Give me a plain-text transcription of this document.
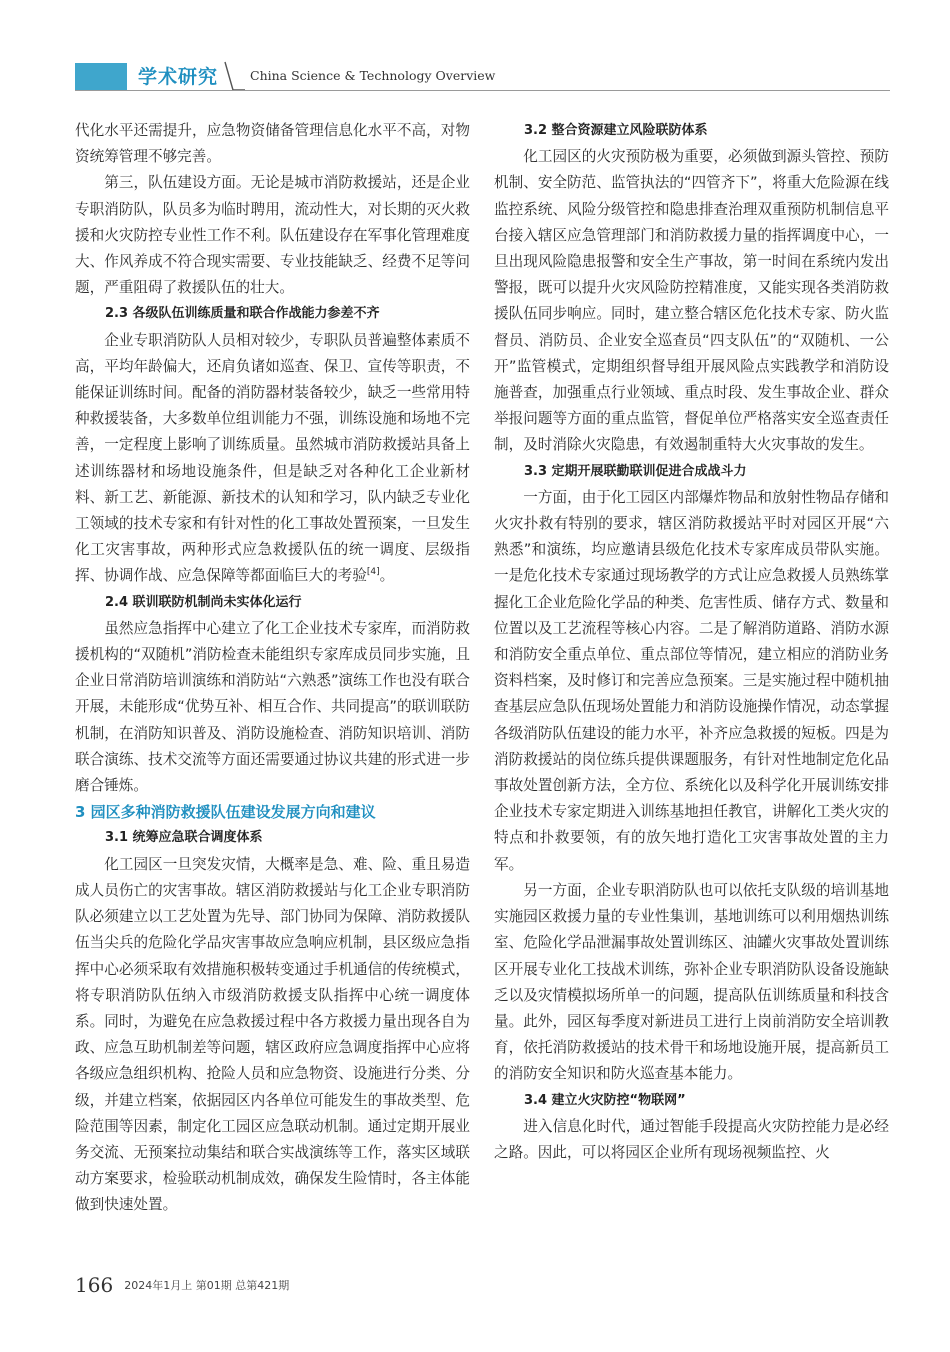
学术研究	China Science & Technology Overview

代化水平还需提升，应急物资储备管理信息化水平不高，对物资统筹管理不够完善。

第三，队伍建设方面。无论是城市消防救援站，还是企业专职消防队，队员多为临时聘用，流动性大，对长期的灭火救援和火灾防控专业性工作不利。队伍建设存在军事化管理难度大、作风养成不符合现实需要、专业技能缺乏、经费不足等问题，严重阻碍了救援队伍的壮大。

2.3 各级队伍训练质量和联合作战能力参差不齐

企业专职消防队人员相对较少，专职队员普遍整体素质不高，平均年龄偏大，还肩负诸如巡查、保卫、宣传等职责，不能保证训练时间。配备的消防器材装备较少，缺乏一些常用特种救援装备，大多数单位组训能力不强，训练设施和场地不完善，一定程度上影响了训练质量。虽然城市消防救援站具备上述训练器材和场地设施条件，但是缺乏对各种化工企业新材料、新工艺、新能源、新技术的认知和学习，队内缺乏专业化工领域的技术专家和有针对性的化工事故处置预案，一旦发生化工灾害事故，两种形式应急救援队伍的统一调度、层级指挥、协调作战、应急保障等都面临巨大的考验[4]。

2.4 联训联防机制尚未实体化运行

虽然应急指挥中心建立了化工企业技术专家库，而消防救援机构的“双随机”消防检查未能组织专家库成员同步实施，且企业日常消防培训演练和消防站“六熟悉”演练工作也没有联合开展，未能形成“优势互补、相互合作、共同提高”的联训联防机制，在消防知识普及、消防设施检查、消防知识培训、消防联合演练、技术交流等方面还需要通过协议共建的形式进一步磨合锤炼。

3 园区多种消防救援队伍建设发展方向和建议

3.1 统筹应急联合调度体系

化工园区一旦突发灾情，大概率是急、难、险、重且易造成人员伤亡的灾害事故。辖区消防救援站与化工企业专职消防队必须建立以工艺处置为先导、部门协同为保障、消防救援队伍当尖兵的危险化学品灾害事故应急响应机制，县区级应急指挥中心必须采取有效措施积极转变通过手机通信的传统模式，将专职消防队伍纳入市级消防救援支队指挥中心统一调度体系。同时，为避免在应急救援过程中各方救援力量出现各自为政、应急互助机制差等问题，辖区政府应急调度指挥中心应将各级应急组织机构、抢险人员和应急物资、设施进行分类、分级，并建立档案，依据园区内各单位可能发生的事故类型、危险范围等因素，制定化工园区应急联动机制。通过定期开展业务交流、无预案拉动集结和联合实战演练等工作，落实区域联动方案要求，检验联动机制成效，确保发生险情时，各主体能做到快速处置。

3.2 整合资源建立风险联防体系

化工园区的火灾预防极为重要，必须做到源头管控、预防机制、安全防范、监管执法的“四管齐下”，将重大危险源在线监控系统、风险分级管控和隐患排查治理双重预防机制信息平台接入辖区应急管理部门和消防救援力量的指挥调度中心，一旦出现风险隐患报警和安全生产事故，第一时间在系统内发出警报，既可以提升火灾风险防控精准度，又能实现各类消防救援队伍同步响应。同时，建立整合辖区危化技术专家、防火监督员、消防员、企业安全巡查员“四支队伍”的“双随机、一公开”监管模式，定期组织督导组开展风险点实践教学和消防设施普查，加强重点行业领域、重点时段、发生事故企业、群众举报问题等方面的重点监管，督促单位严格落实安全巡查责任制，及时消除火灾隐患，有效遏制重特大火灾事故的发生。

3.3 定期开展联勤联训促进合成战斗力

一方面，由于化工园区内部爆炸物品和放射性物品存储和火灾扑救有特别的要求，辖区消防救援站平时对园区开展“六熟悉”和演练，均应邀请县级危化技术专家库成员带队实施。一是危化技术专家通过现场教学的方式让应急救援人员熟练掌握化工企业危险化学品的种类、危害性质、储存方式、数量和位置以及工艺流程等核心内容。二是了解消防道路、消防水源和消防安全重点单位、重点部位等情况，建立相应的消防业务资料档案，及时修订和完善应急预案。三是实施过程中随机抽查基层应急队伍现场处置能力和消防设施操作情况，动态掌握各级消防队伍建设的能力水平，补齐应急救援的短板。四是为消防救援站的岗位练兵提供课题服务，有针对性地制定危化品事故处置创新方法，全方位、系统化以及科学化开展训练安排企业技术专家定期进入训练基地担任教官，讲解化工类火灾的特点和扑救要领，有的放矢地打造化工灾害事故处置的主力军。

另一方面，企业专职消防队也可以依托支队级的培训基地实施园区救援力量的专业性集训，基地训练可以利用烟热训练室、危险化学品泄漏事故处置训练区、油罐火灾事故处置训练区开展专业化工技战术训练，弥补企业专职消防队设备设施缺乏以及灾情模拟场所单一的问题，提高队伍训练质量和科技含量。此外，园区每季度对新进员工进行上岗前消防安全培训教育，依托消防救援站的技术骨干和场地设施开展，提高新员工的消防安全知识和防火巡查基本能力。

3.4 建立火灾防控“物联网”

进入信息化时代，通过智能手段提高火灾防控能力是必经之路。因此，可以将园区企业所有现场视频监控、火

166 2024年1月上 第01期 总第421期
